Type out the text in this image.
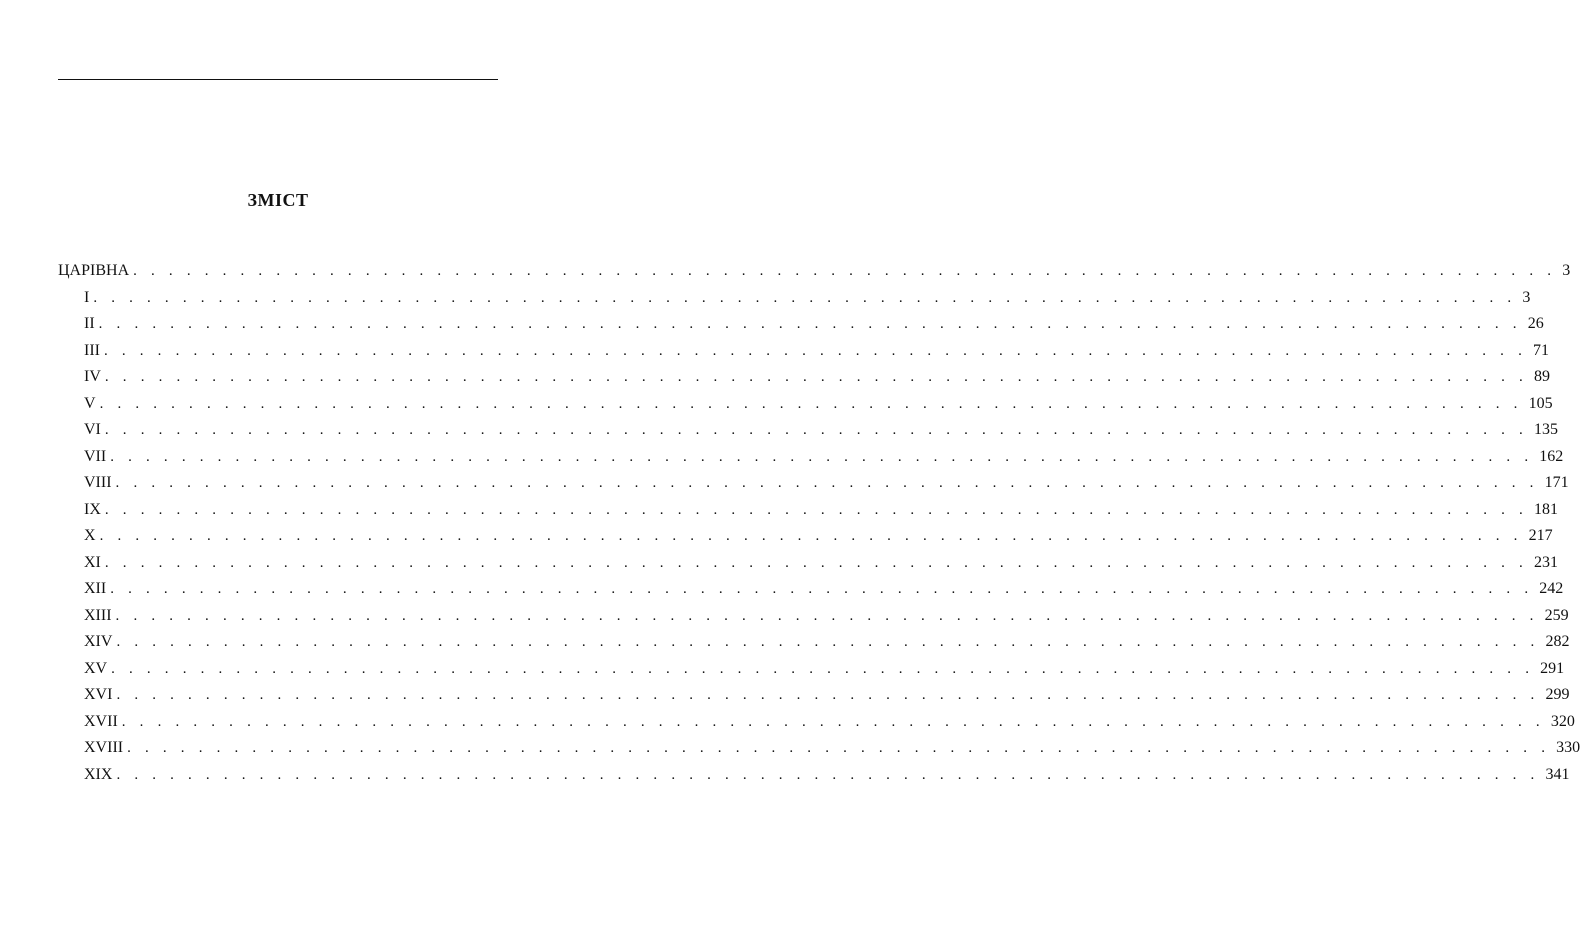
ЗМІСТ
ЦАРІВНА . . . . . . . . . . . . . . . . . . . . . . . . . . . . . . . . . . . . . . . . . . . . . . . . . . . . . . . . . . . . . . . . . . . . . . . . . . . . . . . . 3
I . . . . . . . . . . . . . . . . . . . . . . . . . . . . . . . . . . . . . . . . . . . . . . . . . . . . . . . . . . . . . . . . . . . . . . . . . . . . . . . . 3
II . . . . . . . . . . . . . . . . . . . . . . . . . . . . . . . . . . . . . . . . . . . . . . . . . . . . . . . . . . . . . . . . . . . . . . . . . . . . . . . . 26
III . . . . . . . . . . . . . . . . . . . . . . . . . . . . . . . . . . . . . . . . . . . . . . . . . . . . . . . . . . . . . . . . . . . . . . . . . . . . . . . . 71
IV . . . . . . . . . . . . . . . . . . . . . . . . . . . . . . . . . . . . . . . . . . . . . . . . . . . . . . . . . . . . . . . . . . . . . . . . . . . . . . . . 89
V . . . . . . . . . . . . . . . . . . . . . . . . . . . . . . . . . . . . . . . . . . . . . . . . . . . . . . . . . . . . . . . . . . . . . . . . . . . . . . . . 105
VI . . . . . . . . . . . . . . . . . . . . . . . . . . . . . . . . . . . . . . . . . . . . . . . . . . . . . . . . . . . . . . . . . . . . . . . . . . . . . . . . 135
VII . . . . . . . . . . . . . . . . . . . . . . . . . . . . . . . . . . . . . . . . . . . . . . . . . . . . . . . . . . . . . . . . . . . . . . . . . . . . . . . . 162
VIII . . . . . . . . . . . . . . . . . . . . . . . . . . . . . . . . . . . . . . . . . . . . . . . . . . . . . . . . . . . . . . . . . . . . . . . . . . . . . . . . 171
IX . . . . . . . . . . . . . . . . . . . . . . . . . . . . . . . . . . . . . . . . . . . . . . . . . . . . . . . . . . . . . . . . . . . . . . . . . . . . . . . . 181
X . . . . . . . . . . . . . . . . . . . . . . . . . . . . . . . . . . . . . . . . . . . . . . . . . . . . . . . . . . . . . . . . . . . . . . . . . . . . . . . . 217
XI . . . . . . . . . . . . . . . . . . . . . . . . . . . . . . . . . . . . . . . . . . . . . . . . . . . . . . . . . . . . . . . . . . . . . . . . . . . . . . . . 231
XII . . . . . . . . . . . . . . . . . . . . . . . . . . . . . . . . . . . . . . . . . . . . . . . . . . . . . . . . . . . . . . . . . . . . . . . . . . . . . . . . 242
XIII . . . . . . . . . . . . . . . . . . . . . . . . . . . . . . . . . . . . . . . . . . . . . . . . . . . . . . . . . . . . . . . . . . . . . . . . . . . . . . . . 259
XIV . . . . . . . . . . . . . . . . . . . . . . . . . . . . . . . . . . . . . . . . . . . . . . . . . . . . . . . . . . . . . . . . . . . . . . . . . . . . . . . . 282
XV . . . . . . . . . . . . . . . . . . . . . . . . . . . . . . . . . . . . . . . . . . . . . . . . . . . . . . . . . . . . . . . . . . . . . . . . . . . . . . . . 291
XVI . . . . . . . . . . . . . . . . . . . . . . . . . . . . . . . . . . . . . . . . . . . . . . . . . . . . . . . . . . . . . . . . . . . . . . . . . . . . . . . . 299
XVII . . . . . . . . . . . . . . . . . . . . . . . . . . . . . . . . . . . . . . . . . . . . . . . . . . . . . . . . . . . . . . . . . . . . . . . . . . . . . . . . 320
XVIII . . . . . . . . . . . . . . . . . . . . . . . . . . . . . . . . . . . . . . . . . . . . . . . . . . . . . . . . . . . . . . . . . . . . . . . . . . . . . . . . 330
XIX . . . . . . . . . . . . . . . . . . . . . . . . . . . . . . . . . . . . . . . . . . . . . . . . . . . . . . . . . . . . . . . . . . . . . . . . . . . . . . . . 341
